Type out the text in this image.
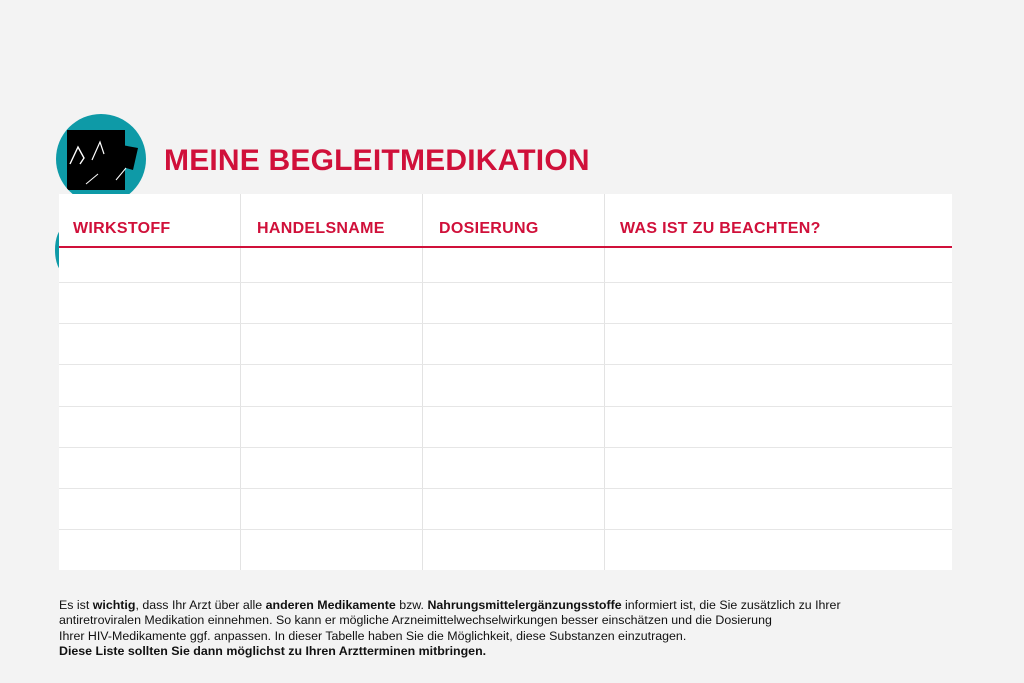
MEINE BEGLEITMEDIKATION
WIRKSTOFF	HANDELSNAME	DOSIERUNG	WAS IST ZU BEACHTEN?
Es ist wichtig, dass Ihr Arzt über alle anderen Medikamente bzw. Nahrungsmittelergänzungsstoffe informiert ist, die Sie zusätzlich zu Ihrer
antiretroviralen Medikation einnehmen. So kann er mögliche Arzneimittelwechselwirkungen besser einschätzen und die Dosierung
Ihrer HIV-Medikamente ggf. anpassen. In dieser Tabelle haben Sie die Möglichkeit, diese Substanzen einzutragen.
Diese Liste sollten Sie dann möglichst zu Ihren Arztterminen mitbringen.
